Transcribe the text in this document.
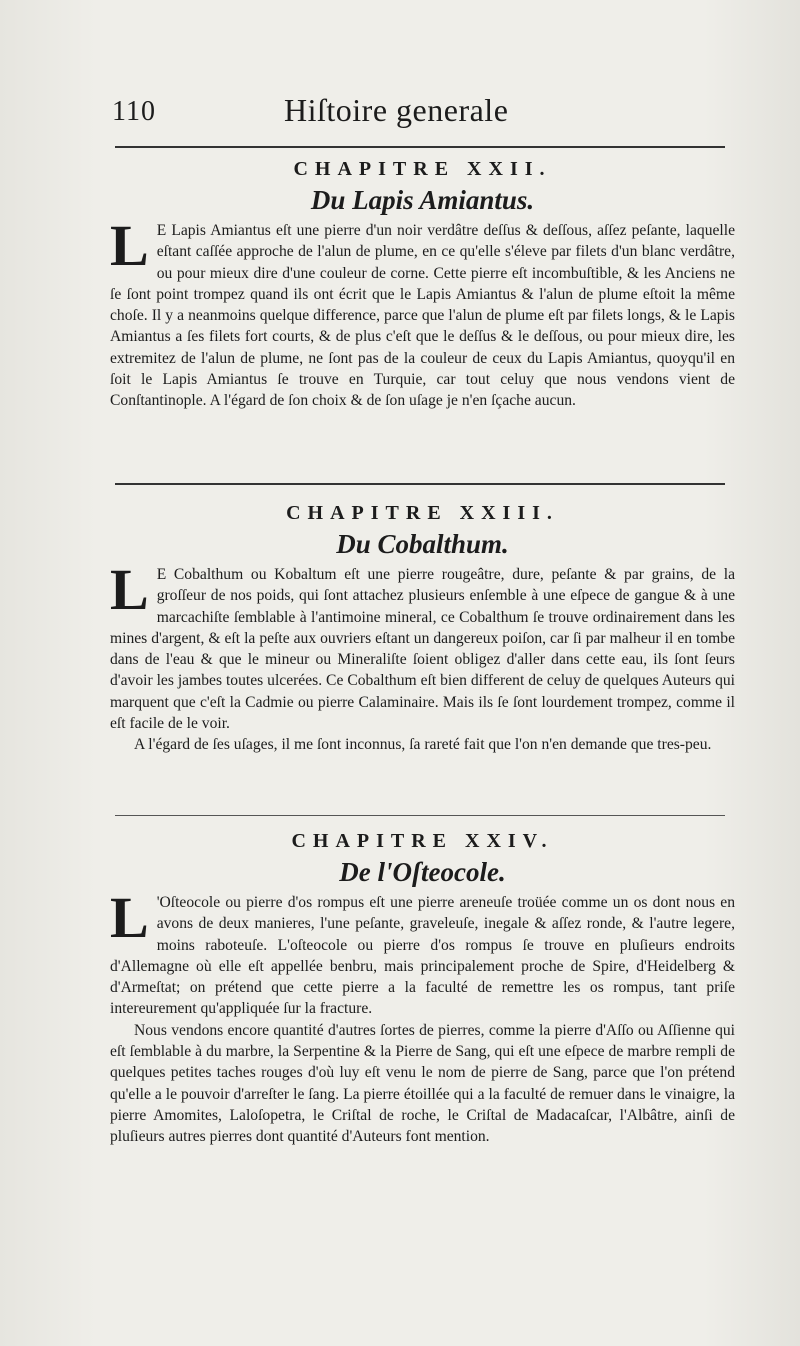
110	Hiſtoire generale
CHAPITRE XXII.
Du Lapis Amiantus.
L E Lapis Amiantus eſt une pierre d'un noir verdâtre deſſus & deſſous, aſſez peſante, laquelle eſtant caſſée approche de l'alun de plume, en ce qu'elle s'éleve par filets d'un blanc verdâtre, ou pour mieux dire d'une couleur de corne. Cette pierre eſt incombuſtible, & les Anciens ne ſe ſont point trompez quand ils ont écrit que le Lapis Amiantus & l'alun de plume eſtoit la même choſe. Il y a neanmoins quelque difference, parce que l'alun de plume eſt par filets longs, & le Lapis Amiantus a ſes filets fort courts, & de plus c'eſt que le deſſus & le deſſous, ou pour mieux dire, les extremitez de l'alun de plume, ne ſont pas de la couleur de ceux du Lapis Amiantus, quoyqu'il en ſoit le Lapis Amiantus ſe trouve en Turquie, car tout celuy que nous vendons vient de Conſtantinople. A l'égard de ſon choix & de ſon uſage je n'en ſçache aucun.

CHAPITRE XXIII.
Du Cobalthum.
L E Cobalthum ou Kobaltum eſt une pierre rougeâtre, dure, peſante & par grains, de la groſſeur de nos poids, qui ſont attachez plusieurs enſemble à une eſpece de gangue & à une marcachiſte ſemblable à l'antimoine mineral, ce Cobalthum ſe trouve ordinairement dans les mines d'argent, & eſt la peſte aux ouvriers eſtant un dangereux poiſon, car ſi par malheur il en tombe dans de l'eau & que le mineur ou Mineraliſte ſoient obligez d'aller dans cette eau, ils ſont ſeurs d'avoir les jambes toutes ulcerées. Ce Cobalthum eſt bien different de celuy de quelques Auteurs qui marquent que c'eſt la Cadmie ou pierre Calaminaire. Mais ils ſe ſont lourdement trompez, comme il eſt facile de le voir.

A l'égard de ſes uſages, il me ſont inconnus, ſa rareté fait que l'on n'en demande que tres-peu.

CHAPITRE XXIV.
De l'Oſteocole.
L 'Oſteocole ou pierre d'os rompus eſt une pierre areneuſe troüée comme un os dont nous en avons de deux manieres, l'une peſante, graveleuſe, inegale & aſſez ronde, & l'autre legere, moins raboteuſe. L'oſteocole ou pierre d'os rompus ſe trouve en pluſieurs endroits d'Allemagne où elle eſt appellée benbru, mais principalement proche de Spire, d'Heidelberg & d'Armeſtat; on prétend que cette pierre a la faculté de remettre les os rompus, tant priſe intereurement qu'appliquée ſur la fracture.

Nous vendons encore quantité d'autres ſortes de pierres, comme la pierre d'Aſſo ou Aſſienne qui eſt ſemblable à du marbre, la Serpentine & la Pierre de Sang, qui eſt une eſpece de marbre rempli de quelques petites taches rouges d'où luy eſt venu le nom de pierre de Sang, parce que l'on prétend qu'elle a le pouvoir d'arreſter le ſang. La pierre étoillée qui a la faculté de remuer dans le vinaigre, la pierre Amomites, Laloſopetra, le Criſtal de roche, le Criſtal de Madacaſcar, l'Albâtre, ainſi de pluſieurs autres pierres dont quantité d'Auteurs font mention.
